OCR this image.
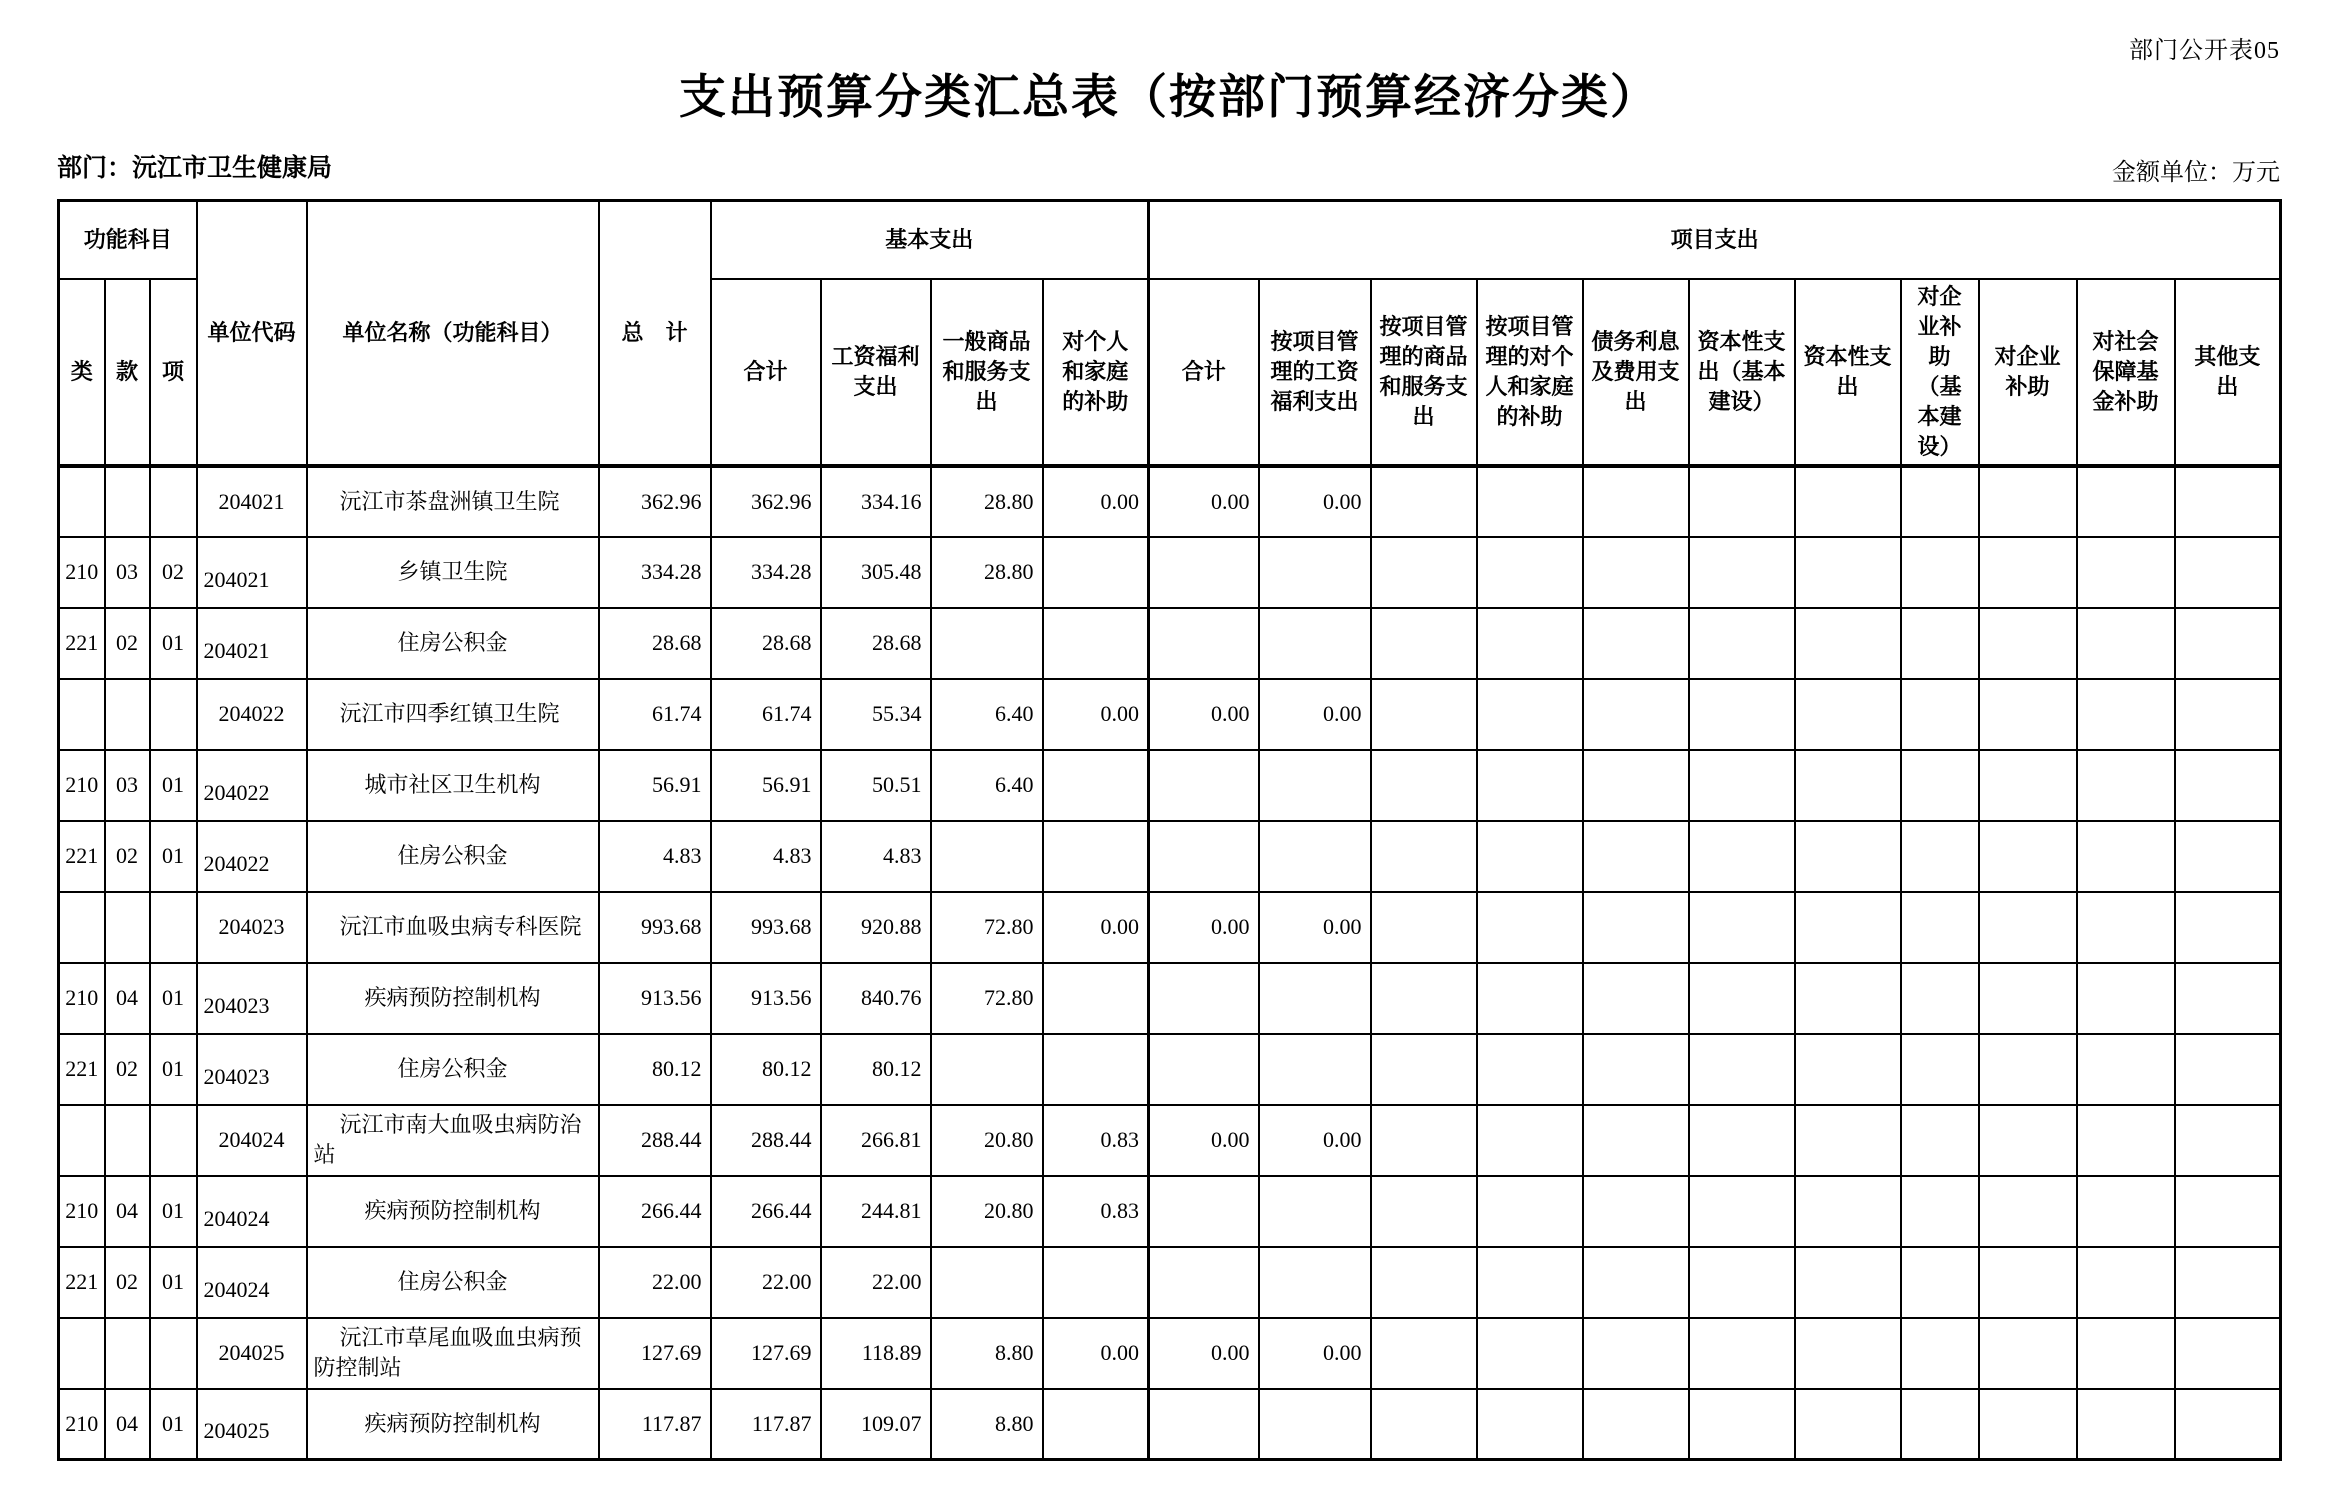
部门公开表05
支出预算分类汇总表（按部门预算经济分类）
部门：沅江市卫生健康局	金额单位：万元
功能科目			单位代码	单位名称（功能科目）	总　计	基本支出				项目支出										
类	款	项				合计	工资福利支出	一般商品和服务支出	对个人和家庭的补助	合计	按项目管理的工资福利支出	按项目管理的商品和服务支出	按项目管理的对个人和家庭的补助	债务利息及费用支出	资本性支出（基本建设）	资本性支出	对企业补助（基本建设）	对企业补助	对社会保障基金补助	其他支出
			204021	沅江市茶盘洲镇卫生院	362.96	362.96	334.16	28.80	0.00	0.00	0.00									
210	03	02	204021	乡镇卫生院	334.28	334.28	305.48	28.80												
221	02	01	204021	住房公积金	28.68	28.68	28.68													
			204022	沅江市四季红镇卫生院	61.74	61.74	55.34	6.40	0.00	0.00	0.00									
210	03	01	204022	城市社区卫生机构	56.91	56.91	50.51	6.40												
221	02	01	204022	住房公积金	4.83	4.83	4.83													
			204023	沅江市血吸虫病专科医院	993.68	993.68	920.88	72.80	0.00	0.00	0.00									
210	04	01	204023	疾病预防控制机构	913.56	913.56	840.76	72.80												
221	02	01	204023	住房公积金	80.12	80.12	80.12													
			204024	沅江市南大血吸虫病防治站	288.44	288.44	266.81	20.80	0.83	0.00	0.00									
210	04	01	204024	疾病预防控制机构	266.44	266.44	244.81	20.80	0.83											
221	02	01	204024	住房公积金	22.00	22.00	22.00													
			204025	沅江市草尾血吸血虫病预防控制站	127.69	127.69	118.89	8.80	0.00	0.00	0.00									
210	04	01	204025	疾病预防控制机构	117.87	117.87	109.07	8.80												
